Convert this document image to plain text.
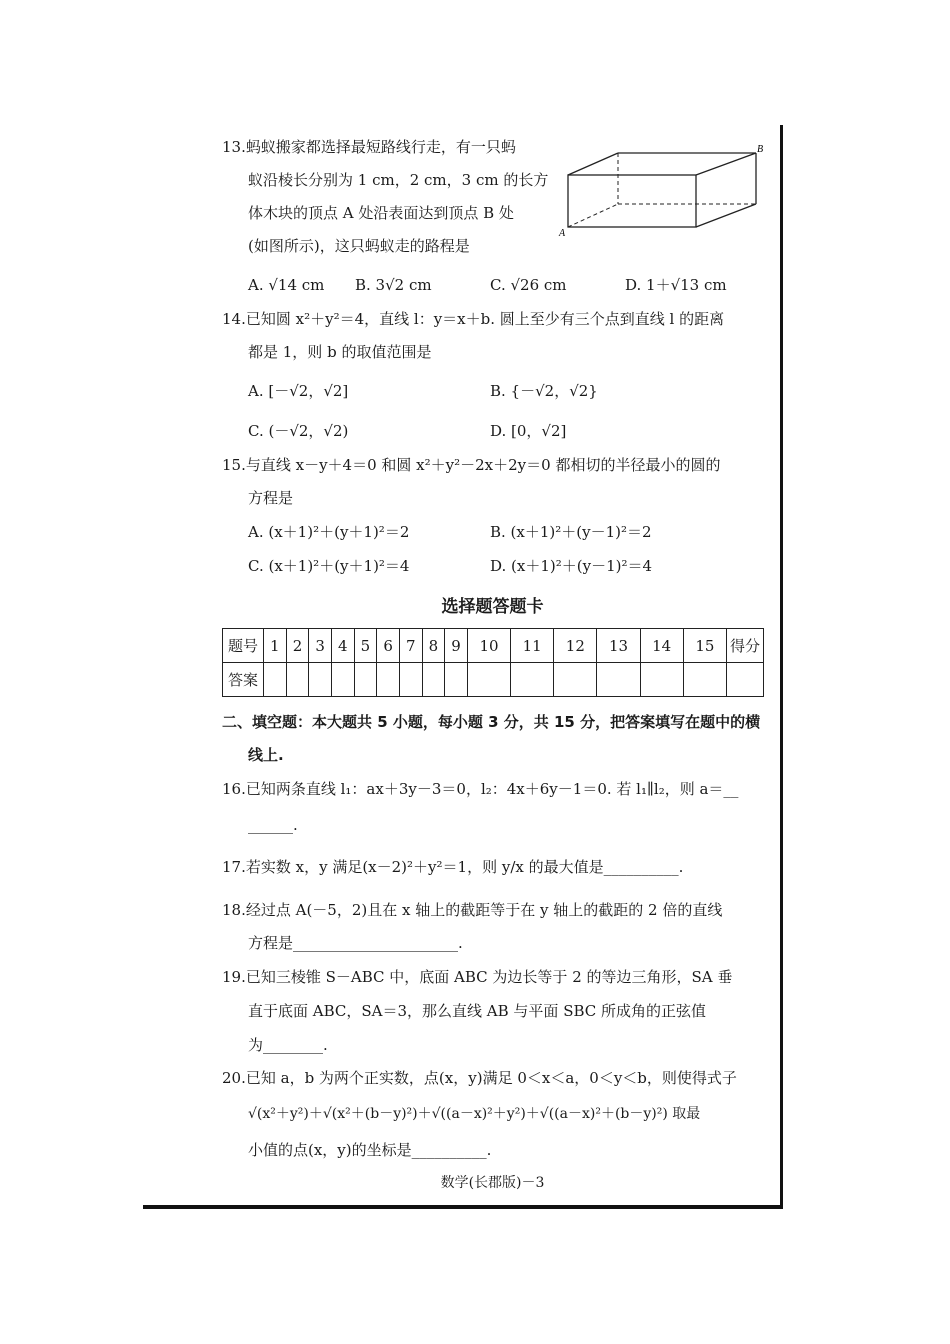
13.蚂蚁搬家都选择最短路线行走，有一只蚂
蚁沿棱长分别为 1 cm，2 cm，3 cm 的长方
体木块的顶点 A 处沿表面达到顶点 B 处
(如图所示)，这只蚂蚁走的路程是
A. √14 cm B. 3√2 cm	C. √26 cm	D. 1＋√13 cm
A
B
14.已知圆 x²＋y²＝4，直线 l：y＝x＋b. 圆上至少有三个点到直线 l 的距离
都是 1，则 b 的取值范围是
A. [－√2，√2]	B. {－√2，√2}
C. (－√2，√2)	D. [0，√2]
15.与直线 x－y＋4＝0 和圆 x²＋y²－2x＋2y＝0 都相切的半径最小的圆的
方程是
A. (x＋1)²＋(y＋1)²＝2	B. (x＋1)²＋(y－1)²＝2
C. (x＋1)²＋(y＋1)²＝4	D. (x＋1)²＋(y－1)²＝4
选择题答题卡
题号	1	2	3	4	5	6	7	8	9	10	11	12	13	14	15	得分
答案																
二、填空题：本大题共 5 小题，每小题 3 分，共 15 分，把答案填写在题中的横
线上.
16.已知两条直线 l₁：ax＋3y－3＝0，l₂：4x＋6y－1＝0. 若 l₁∥l₂，则 a＝__
______.
17.若实数 x，y 满足(x－2)²＋y²＝1，则 y/x 的最大值是__________.
18.经过点 A(－5，2)且在 x 轴上的截距等于在 y 轴上的截距的 2 倍的直线
方程是______________________.
19.已知三棱锥 S－ABC 中，底面 ABC 为边长等于 2 的等边三角形，SA 垂
直于底面 ABC，SA＝3，那么直线 AB 与平面 SBC 所成角的正弦值
为________.
20.已知 a，b 为两个正实数，点(x，y)满足 0＜x＜a，0＜y＜b，则使得式子
√(x²＋y²)＋√(x²＋(b－y)²)＋√((a－x)²＋y²)＋√((a－x)²＋(b－y)²) 取最
小值的点(x，y)的坐标是__________.
数学(长郡版)－3
